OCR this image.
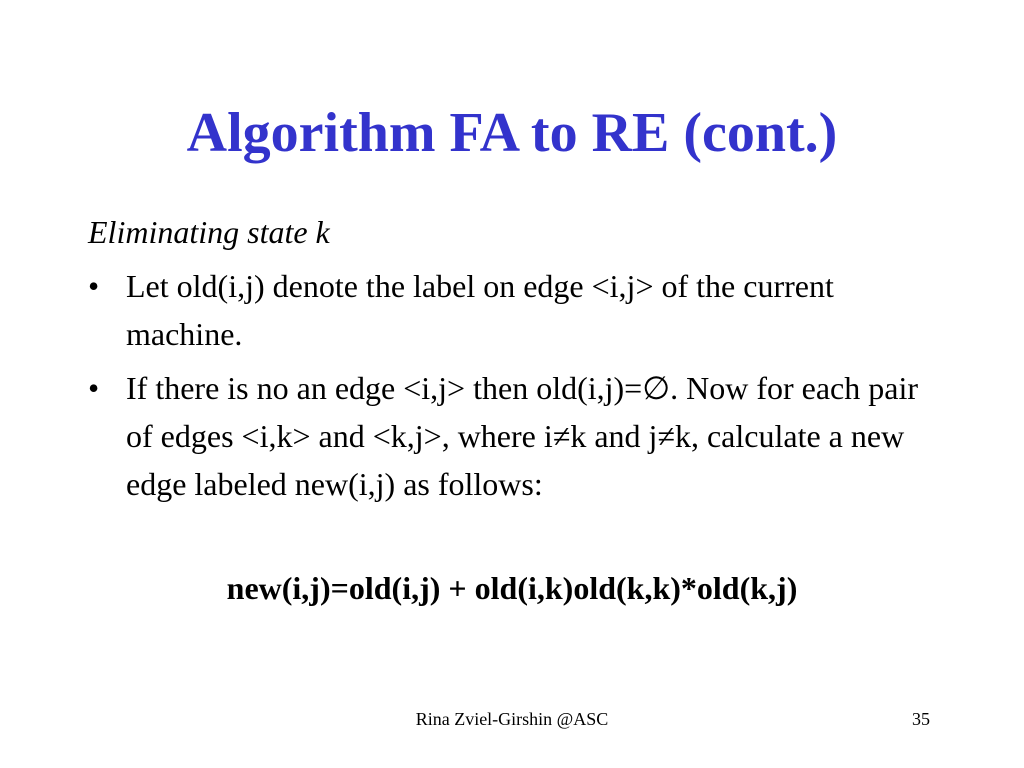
Algorithm FA to RE (cont.)
Eliminating state k
• Let old(i,j) denote the label on edge <i,j> of the current machine.
• If there is no an edge <i,j> then old(i,j)=∅. Now for each pair of edges <i,k> and <k,j>, where i≠k and j≠k, calculate a new edge labeled new(i,j) as follows:
new(i,j)=old(i,j) + old(i,k)old(k,k)*old(k,j)
Rina Zviel-Girshin @ASC	35
